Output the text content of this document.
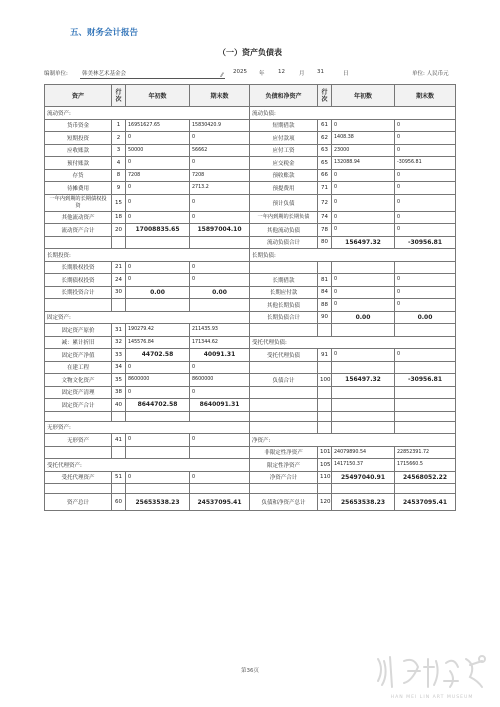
五、财务会计报告
（一）资产负债表
编制单位:	韩美林艺术基金会	⁄⁄ 2025 年 12	月 31	日	单位: 人民币元
资产	行次	年初数	期末数	负债和净资产	行次	年初数	期末数
流动资产:				流动负债:			
货币资金	1	16951627.65	15830420.9	短期借款	61	0	0
短期投资	2	0	0	应付款项	62	1408.38	0
应收账款	3	50000	56662	应付工资	63	23000	0
预付账款	4	0	0	应交税金	65	132088.94	-30956.81
存货	8	7208	7208	预收账款	66	0	0
待摊费用	9	0	2713.2	预提费用	71	0	0
一年内到期的长期债权投资	15	0	0	预计负债	72	0	0
其他流动资产	18	0	0	一年内到期的长期负债	74	0	0
流动资产合计	20	17008835.65	15897004.10	其他流动负债	78	0	0
				流动负债合计	80	156497.32	-30956.81
长期投资:				长期负债:			
长期股权投资	21	0	0				
长期债权投资	24	0	0	长期借款	81	0	0
长期投资合计	30	0.00	0.00	长期应付款	84	0	0
				其他长期负债	88	0	0
固定资产:				长期负债合计	90	0.00	0.00
固定资产原价	31	190279.42	211435.93				
减：累计折旧	32	145576.84	171344.62	受托代理负债:			
固定资产净值	33	44702.58	40091.31	受托代理负债	91	0	0
在建工程	34	0	0				
文物文化资产	35	8600000	8600000	负债合计	100	156497.32	-30956.81
固定资产清理	38	0	0				
固定资产合计	40	8644702.58	8640091.31				

无形资产:							
无形资产	41	0	0	净资产:			
				非限定性净资产	101	24079890.54	22852391.72
受托代理资产:				限定性净资产	105	1417150.37	1715660.5
受托代理资产	51	0	0	净资产合计	110	25497040.91	24568052.22

资产总计	60	25653538.23	24537095.41	负债和净资产总计	120	25653538.23	24537095.41
第36页
HAN MEI LIN ART MUSEUM
